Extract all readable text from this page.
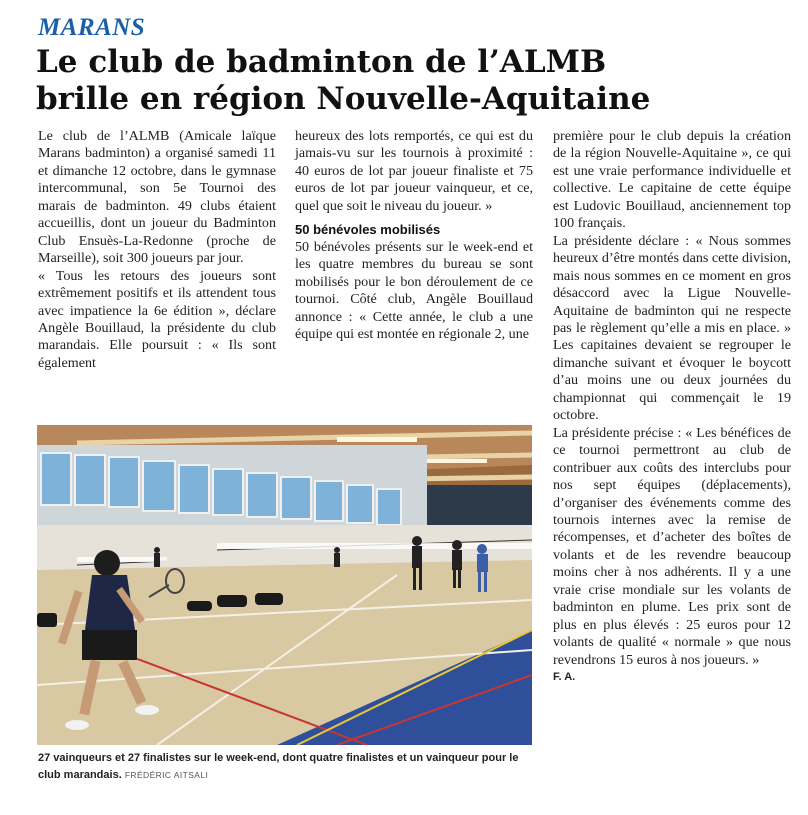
MARANS
Le club de badminton de l’ALMB
brille en région Nouvelle-Aquitaine

Le club de l’ALMB (Amicale laïque Marans badminton) a organisé samedi 11 et dimanche 12 octobre, dans le gymnase intercommunal, son 5e Tournoi des marais de badminton. 49 clubs étaient accueillis, dont un joueur du Badminton Club Ensuès-La-Redonne (proche de Marseille), soit 300 joueurs par jour.

« Tous les retours des joueurs sont extrêmement positifs et ils attendent tous avec impatience la 6e édition », déclare Angèle Bouillaud, la présidente du club marandais. Elle poursuit : « Ils sont également

heureux des lots remportés, ce qui est du jamais-vu sur les tournois à proximité : 40 euros de lot par joueur finaliste et 75 euros de lot par joueur vainqueur, et ce, quel que soit le niveau du joueur. »

50 bénévoles mobilisés

50 bénévoles présents sur le week-end et les quatre membres du bureau se sont mobilisés pour le bon déroulement de ce tournoi. Côté club, Angèle Bouillaud annonce : « Cette année, le club a une équipe qui est montée en régionale 2, une

première pour le club depuis la création de la région Nouvelle-Aquitaine », ce qui est une vraie performance individuelle et collective. Le capitaine de cette équipe est Ludovic Bouillaud, anciennement top 100 français.

La présidente déclare : « Nous sommes heureux d’être montés dans cette division, mais nous sommes en ce moment en gros désaccord avec la Ligue Nouvelle-Aquitaine de badminton qui ne respecte pas le règlement qu’elle a mis en place. » Les capitaines devaient se regrouper le dimanche suivant et évoquer le boycott d’au moins une ou deux journées du championnat qui commençait le 19 octobre.

La présidente précise : « Les bénéfices de ce tournoi permettront au club de contribuer aux coûts des interclubs pour nos sept équipes (déplacements), d’organiser des événements comme des tournois internes avec la remise de récompenses, et d’acheter des boîtes de volants et de les revendre beaucoup moins cher à nos adhérents. Il y a une vraie crise mondiale sur les volants de badminton en plume. Les prix sont de plus en plus élevés : 25 euros pour 12 volants de qualité « normale » que nous revendrons 15 euros à nos joueurs. »

F. A.

27 vainqueurs et 27 finalistes sur le week-end, dont quatre finalistes et un vainqueur pour le club marandais. FRÉDÉRIC AITSALI
